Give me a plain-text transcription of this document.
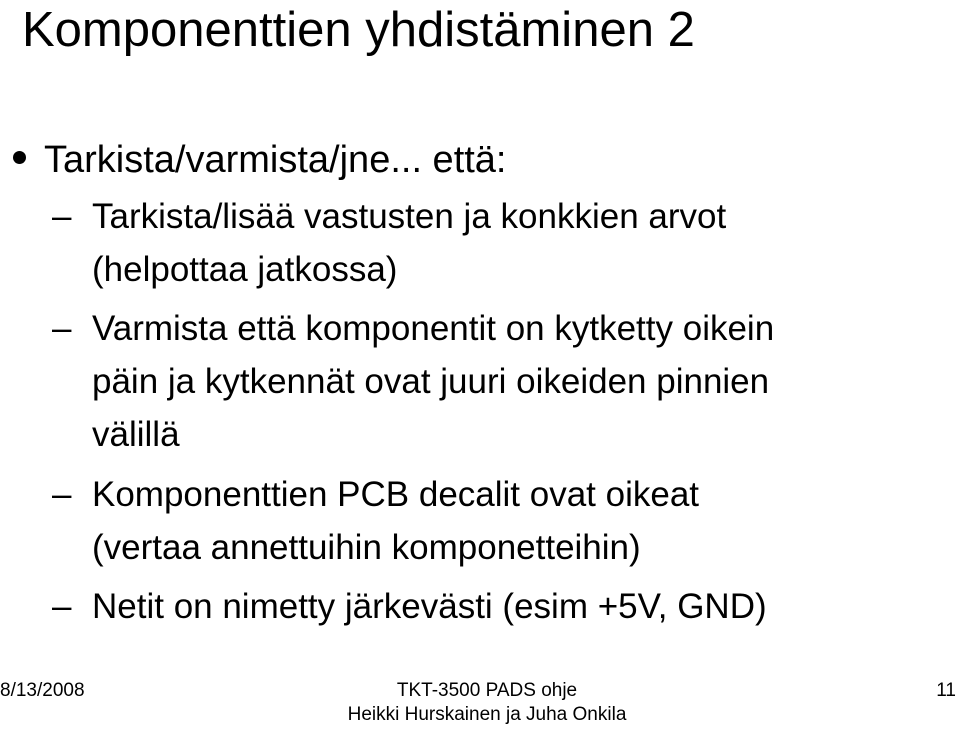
Komponenttien yhdistäminen 2
Tarkista/varmista/jne... että:
– Tarkista/lisää vastusten ja konkkien arvot
(helpottaa jatkossa)
– Varmista että komponentit on kytketty oikein
päin ja kytkennät ovat juuri oikeiden pinnien
välillä
– Komponenttien PCB decalit ovat oikeat
(vertaa annettuihin komponetteihin)
– Netit on nimetty järkevästi (esim +5V, GND)
8/13/2008	TKT-3500 PADS ohje
Heikki Hurskainen ja Juha Onkila
11
